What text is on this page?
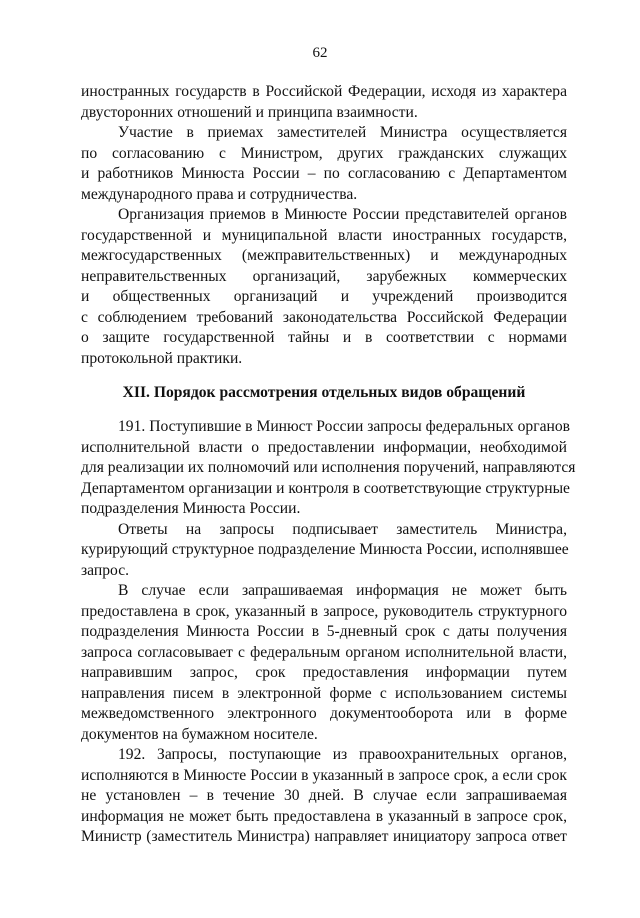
62

иностранных государств в Российской Федерации, исходя из характера
двусторонних отношений и принципа взаимности.

Участие в приемах заместителей Министра осуществляется
по согласованию с Министром, других гражданских служащих
и работников Минюста России – по согласованию с Департаментом
международного права и сотрудничества.

Организация приемов в Минюсте России представителей органов
государственной и муниципальной власти иностранных государств,
межгосударственных (межправительственных) и международных
неправительственных организаций, зарубежных коммерческих
и общественных организаций и учреждений производится
с соблюдением требований законодательства Российской Федерации
о защите государственной тайны и в соответствии с нормами
протокольной практики.

XII. Порядок рассмотрения отдельных видов обращений

191. Поступившие в Минюст России запросы федеральных органов
исполнительной власти о предоставлении информации, необходимой
для реализации их полномочий или исполнения поручений, направляются
Департаментом организации и контроля в соответствующие структурные
подразделения Минюста России.

Ответы на запросы подписывает заместитель Министра,
курирующий структурное подразделение Минюста России, исполнявшее
запрос.

В случае если запрашиваемая информация не может быть
предоставлена в срок, указанный в запросе, руководитель структурного
подразделения Минюста России в 5-дневный срок с даты получения
запроса согласовывает с федеральным органом исполнительной власти,
направившим запрос, срок предоставления информации путем
направления писем в электронной форме с использованием системы
межведомственного электронного документооборота или в форме
документов на бумажном носителе.

192. Запросы, поступающие из правоохранительных органов,
исполняются в Минюсте России в указанный в запросе срок, а если срок
не установлен – в течение 30 дней. В случае если запрашиваемая
информация не может быть предоставлена в указанный в запросе срок,
Министр (заместитель Министра) направляет инициатору запроса ответ
